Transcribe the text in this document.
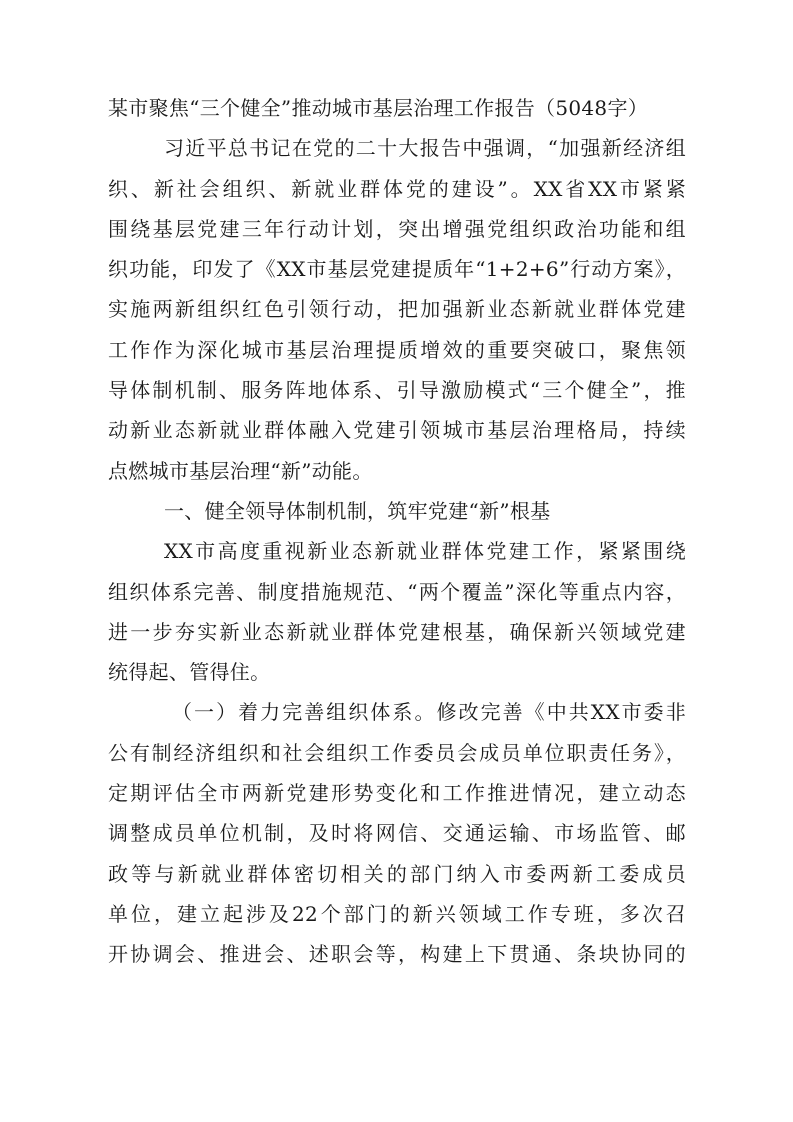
某市聚焦“三个健全”推动城市基层治理工作报告（5048字）
习近平总书记在党的二十大报告中强调，“加强新经济组
织、新社会组织、新就业群体党的建设”。XX省XX市紧紧
围绕基层党建三年行动计划，突出增强党组织政治功能和组
织功能，印发了《XX市基层党建提质年“1+2+6”行动方案》，
实施两新组织红色引领行动，把加强新业态新就业群体党建
工作作为深化城市基层治理提质增效的重要突破口，聚焦领
导体制机制、服务阵地体系、引导激励模式“三个健全”，推
动新业态新就业群体融入党建引领城市基层治理格局，持续
点燃城市基层治理“新”动能。
一、健全领导体制机制，筑牢党建“新”根基
XX市高度重视新业态新就业群体党建工作，紧紧围绕
组织体系完善、制度措施规范、“两个覆盖”深化等重点内容，
进一步夯实新业态新就业群体党建根基，确保新兴领域党建
统得起、管得住。
（一）着力完善组织体系。修改完善《中共XX市委非
公有制经济组织和社会组织工作委员会成员单位职责任务》，
定期评估全市两新党建形势变化和工作推进情况，建立动态
调整成员单位机制，及时将网信、交通运输、市场监管、邮
政等与新就业群体密切相关的部门纳入市委两新工委成员
单位，建立起涉及22个部门的新兴领域工作专班，多次召
开协调会、推进会、述职会等，构建上下贯通、条块协同的
